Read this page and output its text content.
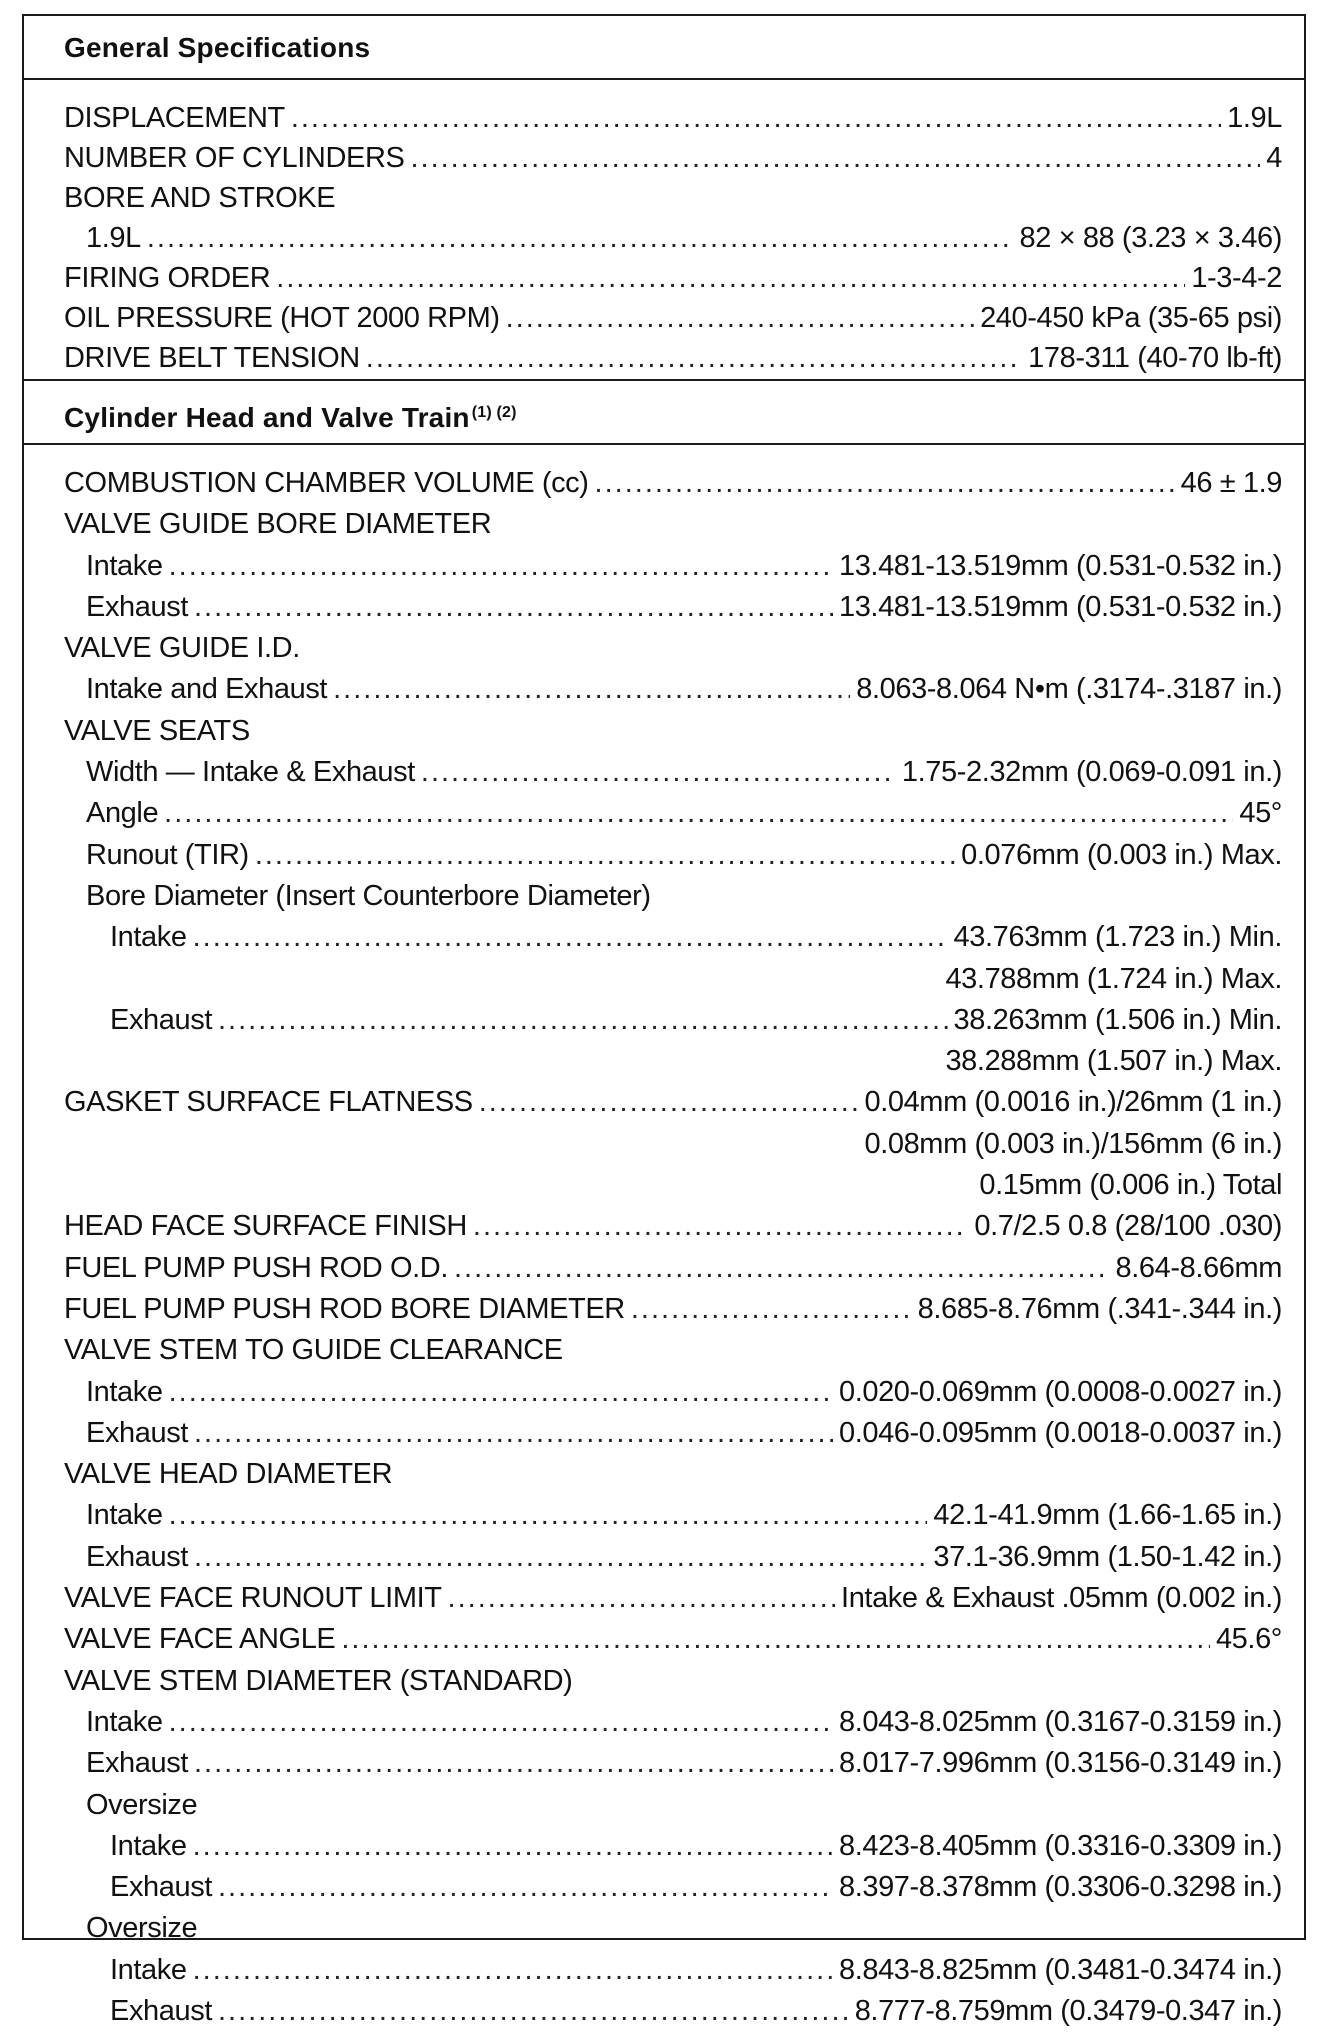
General Specifications
DISPLACEMENT .....	1.9L
NUMBER OF CYLINDERS .....	4
BORE AND STROKE
1.9L .....	82 × 88 (3.23 × 3.46)
FIRING ORDER .....	1-3-4-2
OIL PRESSURE (HOT 2000 RPM) .....	240-450 kPa (35-65 psi)
DRIVE BELT TENSION .....	178-311 (40-70 lb-ft)
Cylinder Head and Valve Train $^{(1) (2)}$
COMBUSTION CHAMBER VOLUME (cc) .....	46 ± 1.9
VALVE GUIDE BORE DIAMETER
Intake .....	13.481-13.519mm (0.531-0.532 in.)
Exhaust .....	13.481-13.519mm (0.531-0.532 in.)
VALVE GUIDE I.D.
Intake and Exhaust .....	8.063-8.064 N•m (.3174-.3187 in.)
VALVE SEATS
Width — Intake & Exhaust .....	1.75-2.32mm (0.069-0.091 in.)
Angle .....	45°
Runout (TIR) .....	0.076mm (0.003 in.) Max.
Bore Diameter (Insert Counterbore Diameter)
Intake .....	43.763mm (1.723 in.) Min.
43.788mm (1.724 in.) Max.
Exhaust .....	38.263mm (1.506 in.) Min.
38.288mm (1.507 in.) Max.
GASKET SURFACE FLATNESS .....	0.04mm (0.0016 in.)/26mm (1 in.)
0.08mm (0.003 in.)/156mm (6 in.)
0.15mm (0.006 in.) Total
HEAD FACE SURFACE FINISH .....	0.7/2.5 0.8 (28/100 .030)
FUEL PUMP PUSH ROD O.D. .....	8.64-8.66mm
FUEL PUMP PUSH ROD BORE DIAMETER .....	8.685-8.76mm (.341-.344 in.)
VALVE STEM TO GUIDE CLEARANCE
Intake .....	0.020-0.069mm (0.0008-0.0027 in.)
Exhaust .....	0.046-0.095mm (0.0018-0.0037 in.)
VALVE HEAD DIAMETER
Intake .....	42.1-41.9mm (1.66-1.65 in.)
Exhaust .....	37.1-36.9mm (1.50-1.42 in.)
VALVE FACE RUNOUT LIMIT .....	Intake & Exhaust .05mm (0.002 in.)
VALVE FACE ANGLE .....	45.6°
VALVE STEM DIAMETER (STANDARD)
Intake .....	8.043-8.025mm (0.3167-0.3159 in.)
Exhaust .....	8.017-7.996mm (0.3156-0.3149 in.)
Oversize
Intake .....	8.423-8.405mm (0.3316-0.3309 in.)
Exhaust .....	8.397-8.378mm (0.3306-0.3298 in.)
Oversize
Intake .....	8.843-8.825mm (0.3481-0.3474 in.)
Exhaust .....	8.777-8.759mm (0.3479-0.347 in.)
